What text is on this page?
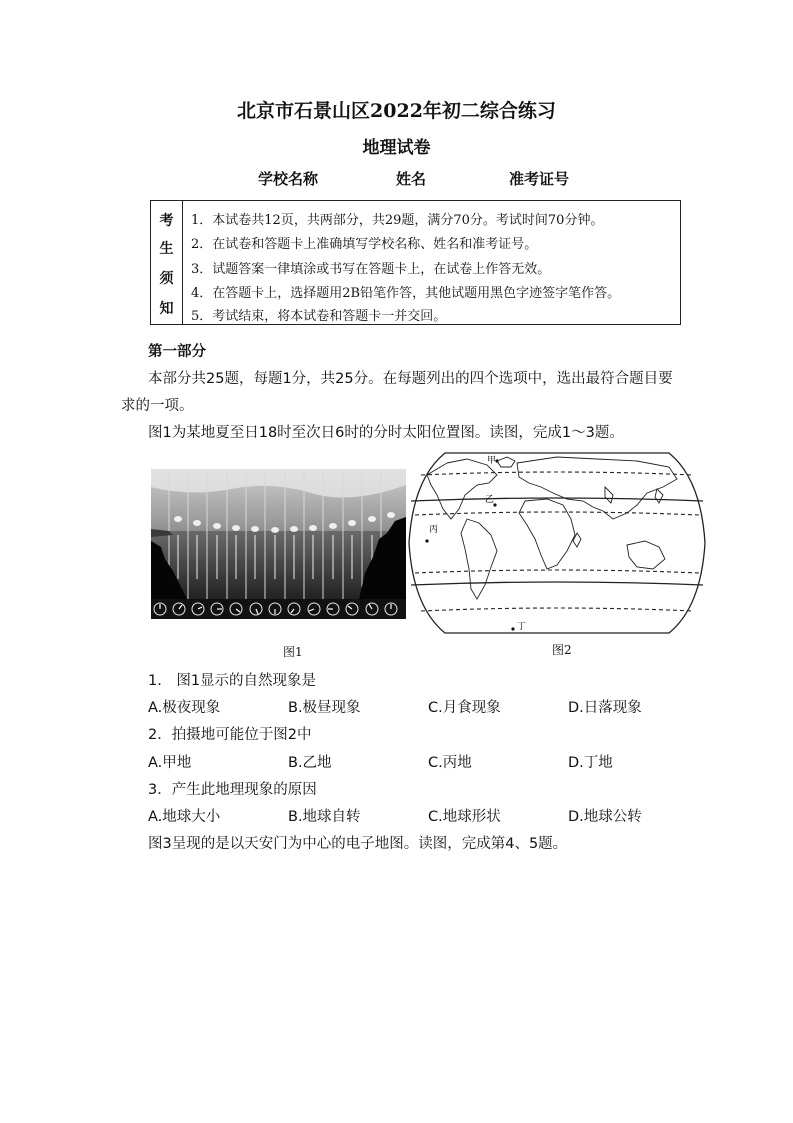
北京市石景山区2022年初二综合练习
地理试卷
学校名称	姓名	准考证号
考
生
须
知
1．本试卷共12页，共两部分，共29题，满分70分。考试时间70分钟。
2．在试卷和答题卡上准确填写学校名称、姓名和准考证号。
3．试题答案一律填涂或书写在答题卡上，在试卷上作答无效。
4．在答题卡上，选择题用2B铅笔作答，其他试题用黑色字迹签字笔作答。
5．考试结束，将本试卷和答题卡一并交回。
第一部分
本部分共25题，每题1分，共25分。在每题列出的四个选项中，选出最符合题目要
求的一项。
图1为某地夏至日18时至次日6时的分时太阳位置图。读图，完成1～3题。
图1
甲
乙
丙
丁
图2
1.　图1显示的自然现象是
A.极夜现象	B.极昼现象	C.月食现象	D.日落现象
2．拍摄地可能位于图2中
A.甲地	B.乙地	C.丙地	D.丁地
3．产生此地理现象的原因
A.地球大小	B.地球自转	C.地球形状	D.地球公转
图3呈现的是以天安门为中心的电子地图。读图，完成第4、5题。
